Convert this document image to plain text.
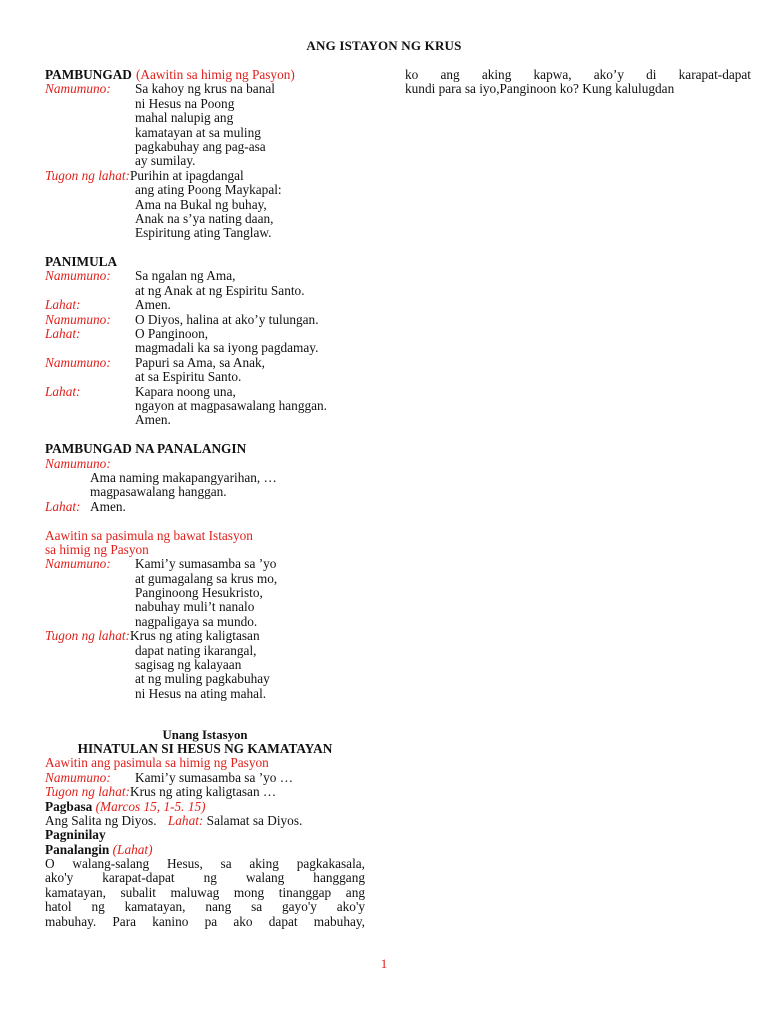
ANG ISTAYON NG KRUS
PAMBUNGAD (Aawitin sa himig ng Pasyon)
Namumuno: Sa kahoy ng krus na banal
ni Hesus na Poong
mahal nalupig ang
kamatayan at sa muling
pagkabuhay ang pag-asa
ay sumilay.
Tugon ng lahat:Purihin at ipagdangal
ang ating Poong Maykapal:
Ama na Bukal ng buhay,
Anak na s’ya nating daan,
Espiritung ating Tanglaw.
PANIMULA
Namumuno: Sa ngalan ng Ama,
at ng Anak at ng Espiritu Santo.
Lahat:	Amen.
Namumuno: O Diyos, halina at ako’y tulungan.
Lahat:	O Panginoon,
magmadali ka sa iyong pagdamay.
Namumuno: Papuri sa Ama, sa Anak,
at sa Espiritu Santo.
Lahat:	Kapara noong una,
ngayon at magpasawalang hanggan.
Amen.
PAMBUNGAD NA PANALANGIN
Namumuno:
Ama naming makapangyarihan, …
magpasawalang hanggan.
Lahat: Amen.
Aawitin sa pasimula ng bawat Istasyon
sa himig ng Pasyon
Namumuno: Kami’y sumasamba sa ’yo
at gumagalang sa krus mo,
Panginoong Hesukristo,
nabuhay muli’t nanalo
nagpaligaya sa mundo.
Tugon ng lahat:Krus ng ating kaligtasan
dapat nating ikarangal,
sagisag ng kalayaan
at ng muling pagkabuhay
ni Hesus na ating mahal.
Unang Istasyon
HINATULAN SI HESUS NG KAMATAYAN
Aawitin ang pasimula sa himig ng Pasyon
Namumuno: Kami’y sumasamba sa ’yo …
Tugon ng lahat:Krus ng ating kaligtasan …
Pagbasa (Marcos 15, 1-5. 15)
Ang Salita ng Diyos. Lahat: Salamat sa Diyos.
Pagninilay
Panalangin (Lahat)
O walang-salang Hesus, sa aking pagkakasala,
ako'y karapat-dapat ng walang hanggang
kamatayan, subalit maluwag mong tinanggap ang
hatol ng kamatayan, nang sa gayo'y ako'y
mabuhay. Para kanino pa ako dapat mabuhay,
ko ang aking kapwa, ako’y di karapat-dapat
kundi para sa iyo,Panginoon ko? Kung kalulugdan
1
